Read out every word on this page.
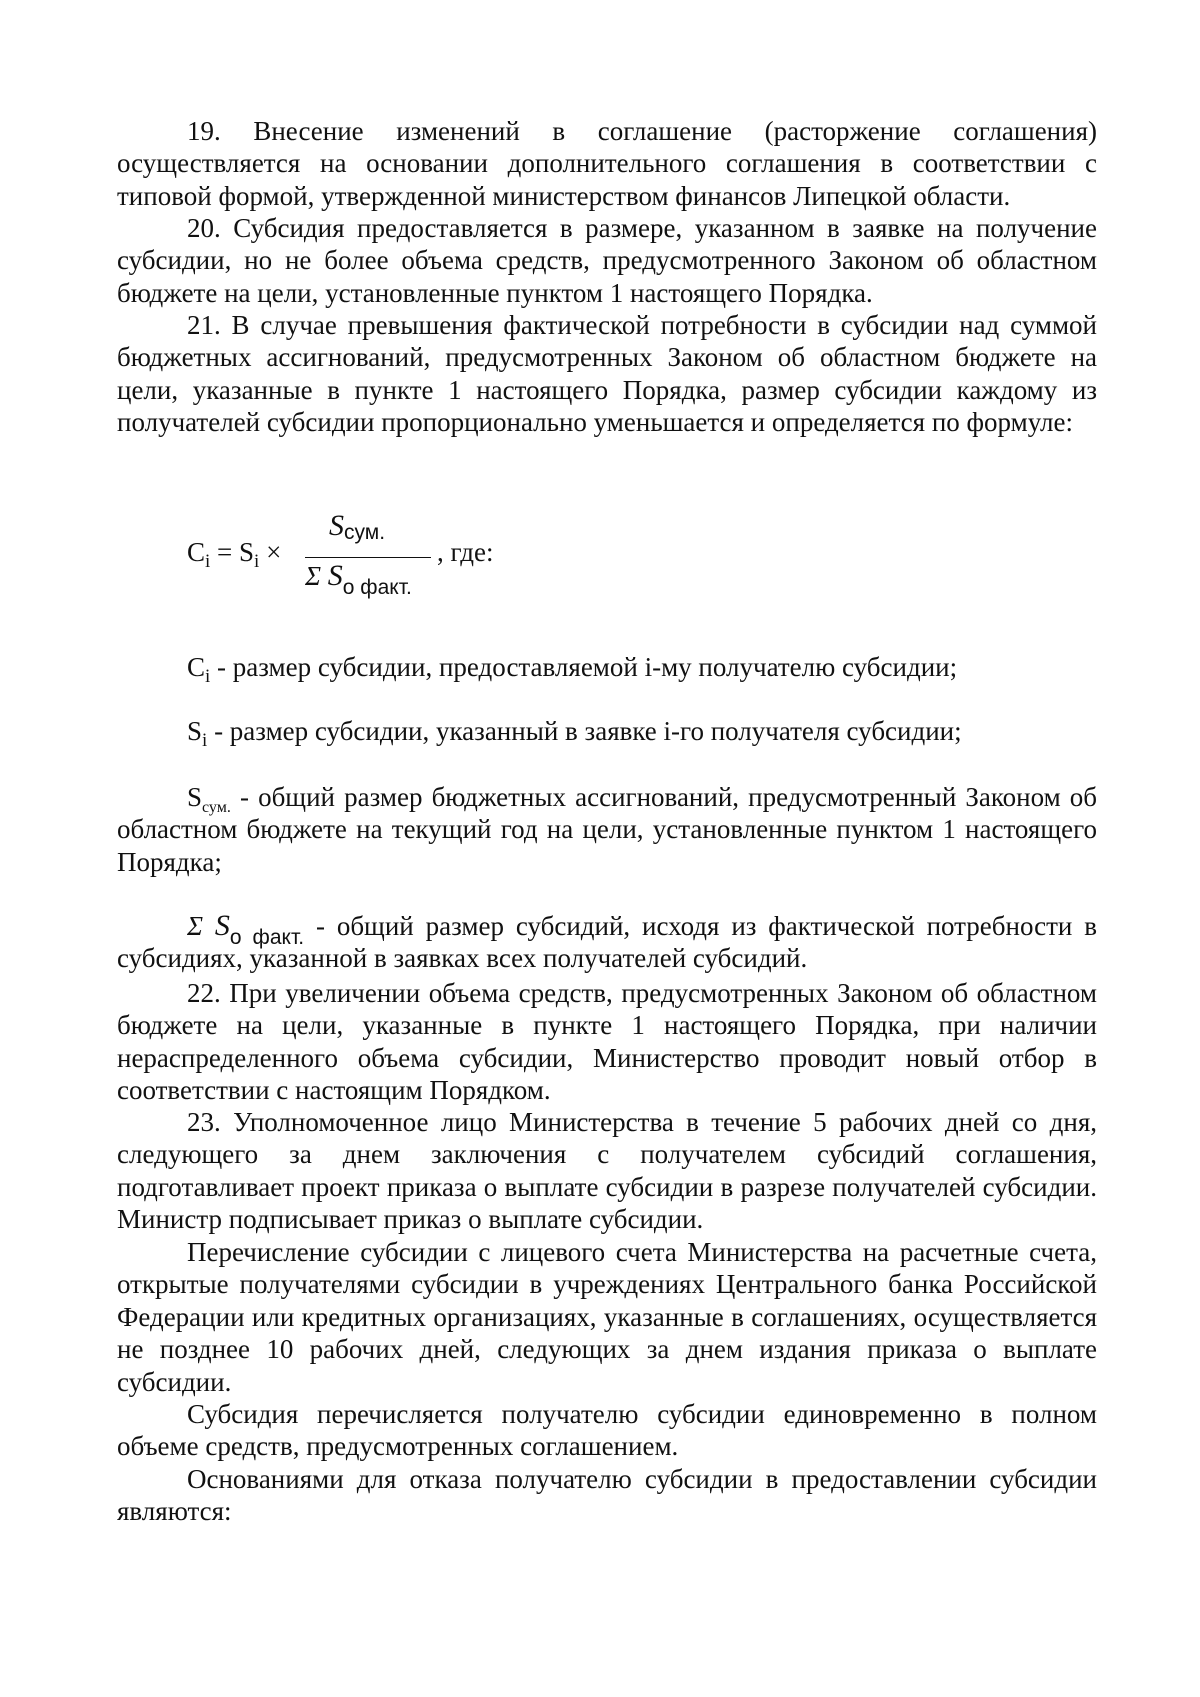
19. Внесение изменений в соглашение (расторжение соглашения) осуществляется на основании дополнительного соглашения в соответствии с типовой формой, утвержденной министерством финансов Липецкой области.

20. Субсидия предоставляется в размере, указанном в заявке на получение субсидии, но не более объема средств, предусмотренного Законом об областном бюджете на цели, установленные пунктом 1 настоящего Порядка.

21. В случае превышения фактической потребности в субсидии над суммой бюджетных ассигнований, предусмотренных Законом об областном бюджете на цели, указанные в пункте 1 настоящего Порядка, размер субсидии каждому из получателей субсидии пропорционально уменьшается и определяется по формуле:

$C_i = S_i$ ×
Sсум.
Σ $S_{о факт.}$
, где:

$C_i$ - размер субсидии, предоставляемой i-му получателю субсидии;

$S_i$ - размер субсидии, указанный в заявке i-го получателя субсидии;

$S_{сум.}$ - общий размер бюджетных ассигнований, предусмотренный Законом об областном бюджете на текущий год на цели, установленные пунктом 1 настоящего Порядка;

Σ $S_{о факт.}$ - общий размер субсидий, исходя из фактической потребности в субсидиях, указанной в заявках всех получателей субсидий.

22. При увеличении объема средств, предусмотренных Законом об областном бюджете на цели, указанные в пункте 1 настоящего Порядка, при наличии нераспределенного объема субсидии, Министерство проводит новый отбор в соответствии с настоящим Порядком.

23. Уполномоченное лицо Министерства в течение 5 рабочих дней со дня, следующего за днем заключения с получателем субсидий соглашения, подготавливает проект приказа о выплате субсидии в разрезе получателей субсидии. Министр подписывает приказ о выплате субсидии.

Перечисление субсидии с лицевого счета Министерства на расчетные счета, открытые получателями субсидии в учреждениях Центрального банка Российской Федерации или кредитных организациях, указанные в соглашениях, осуществляется не позднее 10 рабочих дней, следующих за днем издания приказа о выплате субсидии.

Субсидия перечисляется получателю субсидии единовременно в полном объеме средств, предусмотренных соглашением.

Основаниями для отказа получателю субсидии в предоставлении субсидии являются:
